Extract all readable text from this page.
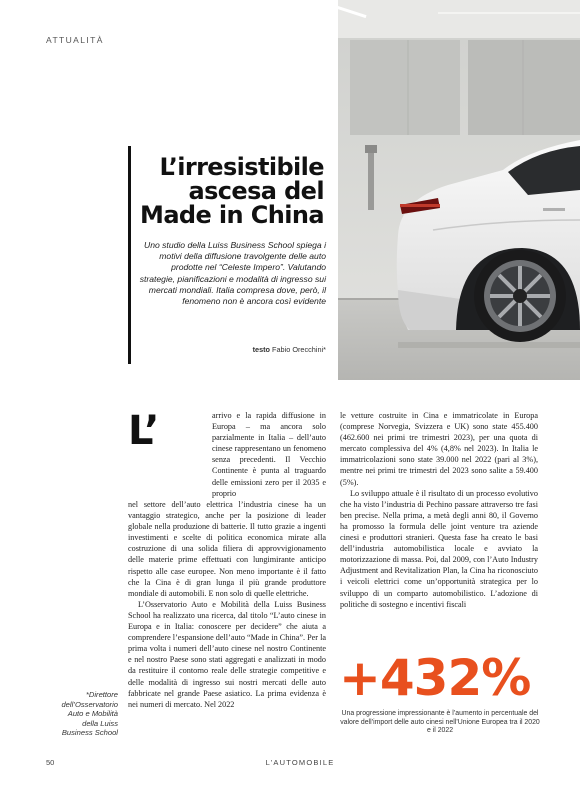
ATTUALITÀ
L’irresistibile
ascesa del
Made in China

Uno studio della Luiss Business School spiega i motivi della diffusione travolgente delle auto prodotte nel “Celeste Impero”. Valutando strategie, pianificazioni e modalità di ingresso sui mercati mondiali. Italia compresa dove, però, il fenomeno non è ancora così evidente

testo Fabio Orecchini*
L’	arrivo e la rapida diffusione in Europa – ma ancora solo parzialmente in Italia – dell’auto cinese rappresentano un fenomeno senza precedenti. Il Vecchio Continente è punta al traguardo delle emissioni zero per il 2035 e proprio

nel settore dell’auto elettrica l’industria cinese ha un vantaggio strategico, anche per la posizione di leader globale nella produzione di batterie. Il tutto grazie a ingenti investimenti e scelte di politica economica mirate alla costruzione di una solida filiera di approvvigionamento delle materie prime effettuati con lungimirante anticipo rispetto alle case europee. Non meno importante è il fatto che la Cina è di gran lunga il più grande produttore mondiale di automobili. E non solo di quelle elettriche.

L’Osservatorio Auto e Mobilità della Luiss Business School ha realizzato una ricerca, dal titolo “L’auto cinese in Europa e in Italia: conoscere per decidere” che aiuta a comprendere l’espansione dell’auto “Made in China”. Per la prima volta i numeri dell’auto cinese nel nostro Continente e nel nostro Paese sono stati aggregati e analizzati in modo da restituire il contorno reale delle strategie competitive e delle modalità di ingresso sui nostri mercati delle auto fabbricate nel grande Paese asiatico. La prima evidenza è nei numeri di mercato. Nel 2022

le vetture costruite in Cina e immatricolate in Europa (comprese Norvegia, Svizzera e UK) sono state 455.400 (462.600 nei primi tre trimestri 2023), per una quota di mercato complessiva del 4% (4,8% nel 2023). In Italia le immatricolazioni sono state 39.000 nel 2022 (pari al 3%), mentre nei primi tre trimestri del 2023 sono salite a 59.400 (5%).

Lo sviluppo attuale è il risultato di un processo evolutivo che ha visto l’industria di Pechino passare attraverso tre fasi ben precise. Nella prima, a metà degli anni 80, il Governo ha promosso la formula delle joint venture tra aziende cinesi e produttori stranieri. Questa fase ha creato le basi dell’industria automobilistica locale e avviato la motorizzazione di massa. Poi, dal 2009, con l’Auto Industry Adjustment and Revitalization Plan, la Cina ha riconosciuto i veicoli elettrici come un’opportunità strategica per lo sviluppo di un comparto automobilistico. L’adozione di politiche di sostegno e incentivi fiscali

*Direttore dell’Osservatorio Auto e Mobilità della Luiss Business School
+432%
Una progressione impressionante è l’aumento in percentuale del valore dell’import delle auto cinesi nell’Unione Europea tra il 2020 e il 2022
50	L’AUTOMOBILE
